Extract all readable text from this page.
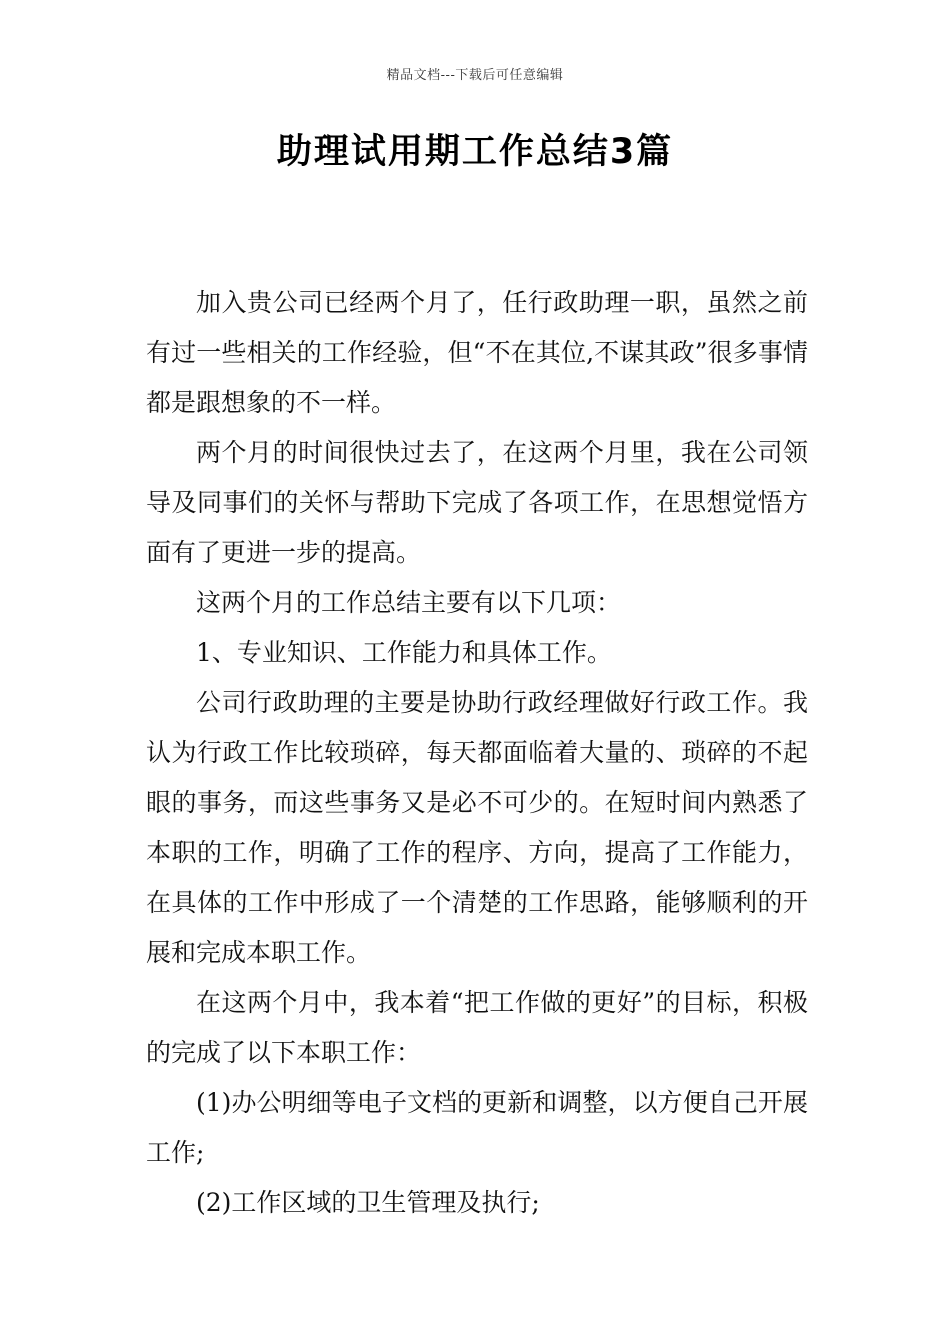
精品文档---下载后可任意编辑
助理试用期工作总结3篇

加入贵公司已经两个月了，任行政助理一职，虽然之前有过一些相关的工作经验，但“不在其位,不谋其政”很多事情都是跟想象的不一样。

两个月的时间很快过去了，在这两个月里，我在公司领导及同事们的关怀与帮助下完成了各项工作，在思想觉悟方面有了更进一步的提高。

这两个月的工作总结主要有以下几项：

1、专业知识、工作能力和具体工作。

公司行政助理的主要是协助行政经理做好行政工作。我认为行政工作比较琐碎，每天都面临着大量的、琐碎的不起眼的事务，而这些事务又是必不可少的。在短时间内熟悉了本职的工作，明确了工作的程序、方向，提高了工作能力，在具体的工作中形成了一个清楚的工作思路，能够顺利的开展和完成本职工作。

在这两个月中，我本着“把工作做的更好”的目标，积极的完成了以下本职工作：

(1)办公明细等电子文档的更新和调整，以方便自己开展工作;

(2)工作区域的卫生管理及执行;
